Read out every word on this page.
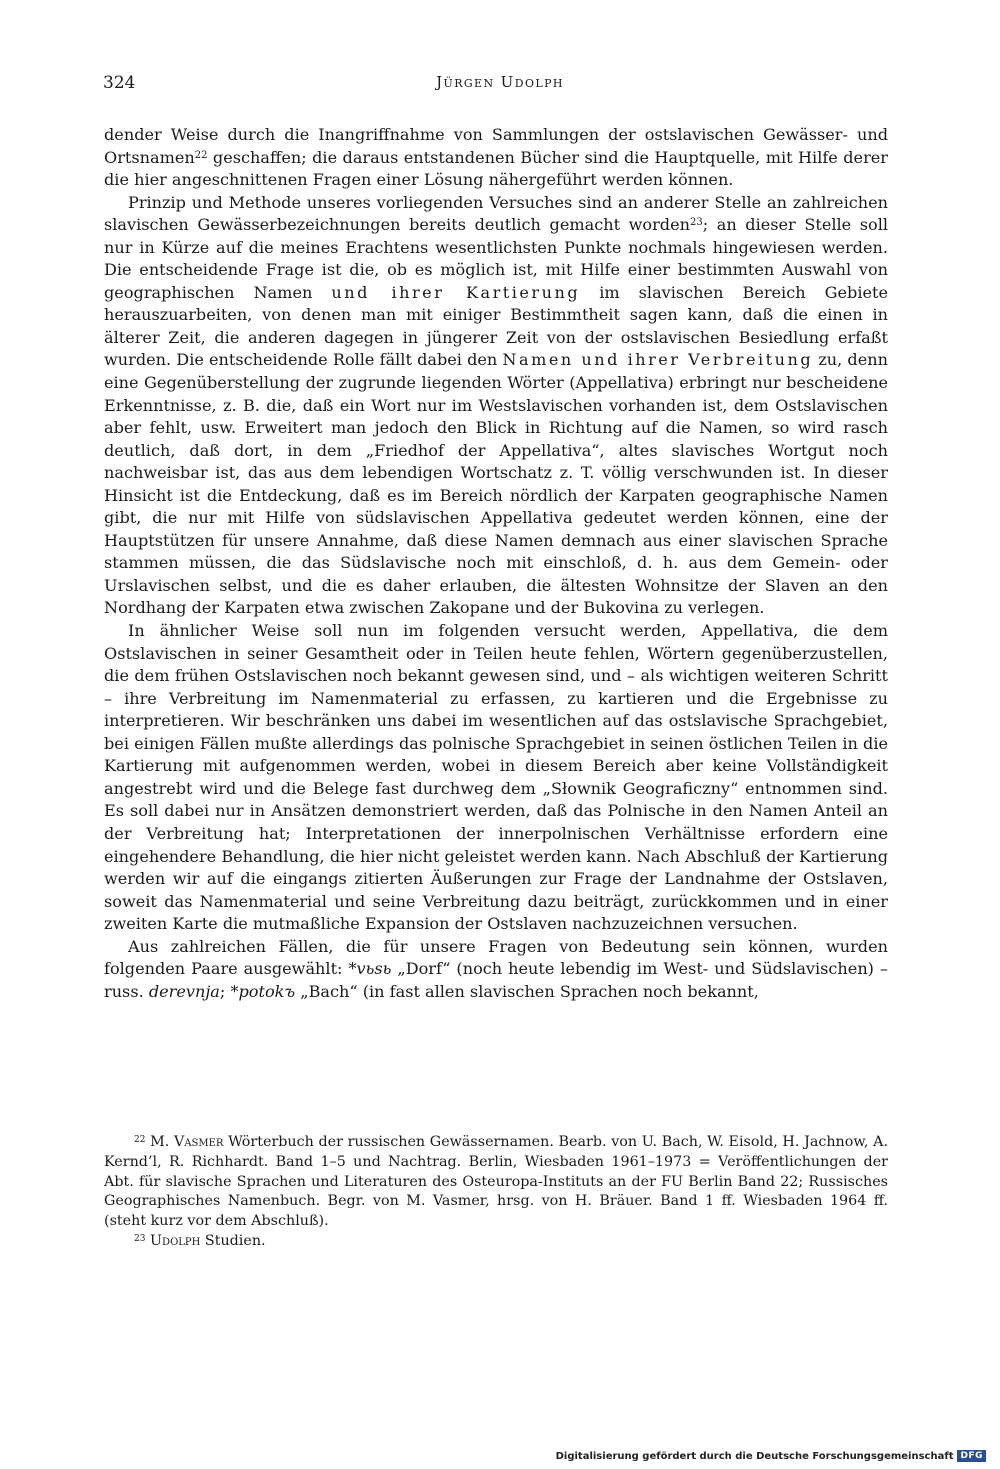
324	Jürgen Udolph

dender Weise durch die Inangriffnahme von Sammlungen der ostslavischen Gewässer- und Ortsnamen$^{22}$ geschaffen; die daraus entstandenen Bücher sind die Hauptquelle, mit Hilfe derer die hier angeschnittenen Fragen einer Lösung nähergeführt werden können.

Prinzip und Methode unseres vorliegenden Versuches sind an anderer Stelle an zahlreichen slavischen Gewässerbezeichnungen bereits deutlich gemacht worden$^{23}$; an dieser Stelle soll nur in Kürze auf die meines Erachtens wesentlichsten Punkte nochmals hingewiesen werden. Die entscheidende Frage ist die, ob es möglich ist, mit Hilfe einer bestimmten Auswahl von geographischen Namen und ihrer Kartierung im slavischen Bereich Gebiete herauszuarbeiten, von denen man mit einiger Bestimmtheit sagen kann, daß die einen in älterer Zeit, die anderen dagegen in jüngerer Zeit von der ostslavischen Besiedlung erfaßt wurden. Die entscheidende Rolle fällt dabei den Namen und ihrer Verbreitung zu, denn eine Gegenüberstellung der zugrunde liegenden Wörter (Appellativa) erbringt nur bescheidene Erkenntnisse, z. B. die, daß ein Wort nur im Westslavischen vorhanden ist, dem Ostslavischen aber fehlt, usw. Erweitert man jedoch den Blick in Richtung auf die Namen, so wird rasch deutlich, daß dort, in dem „Friedhof der Appellativa“, altes slavisches Wortgut noch nachweisbar ist, das aus dem lebendigen Wortschatz z. T. völlig verschwunden ist. In dieser Hinsicht ist die Entdeckung, daß es im Bereich nördlich der Karpaten geographische Namen gibt, die nur mit Hilfe von südslavischen Appellativa gedeutet werden können, eine der Hauptstützen für unsere Annahme, daß diese Namen demnach aus einer slavischen Sprache stammen müssen, die das Südslavische noch mit einschloß, d. h. aus dem Gemein- oder Urslavischen selbst, und die es daher erlauben, die ältesten Wohnsitze der Slaven an den Nordhang der Karpaten etwa zwischen Zakopane und der Bukovina zu verlegen.

In ähnlicher Weise soll nun im folgenden versucht werden, Appellativa, die dem Ostslavischen in seiner Gesamtheit oder in Teilen heute fehlen, Wörtern gegenüberzustellen, die dem frühen Ostslavischen noch bekannt gewesen sind, und – als wichtigen weiteren Schritt – ihre Verbreitung im Namenmaterial zu erfassen, zu kartieren und die Ergebnisse zu interpretieren. Wir beschränken uns dabei im wesentlichen auf das ostslavische Sprachgebiet, bei einigen Fällen mußte allerdings das polnische Sprachgebiet in seinen östlichen Teilen in die Kartierung mit aufgenommen werden, wobei in diesem Bereich aber keine Vollständigkeit angestrebt wird und die Belege fast durchweg dem „Słownik Geograficzny“ entnommen sind. Es soll dabei nur in Ansätzen demonstriert werden, daß das Polnische in den Namen Anteil an der Verbreitung hat; Interpretationen der innerpolnischen Verhältnisse erfordern eine eingehendere Behandlung, die hier nicht geleistet werden kann. Nach Abschluß der Kartierung werden wir auf die eingangs zitierten Äußerungen zur Frage der Landnahme der Ostslaven, soweit das Namenmaterial und seine Verbreitung dazu beiträgt, zurückkommen und in einer zweiten Karte die mutmaßliche Expansion der Ostslaven nachzuzeichnen versuchen.

Aus zahlreichen Fällen, die für unsere Fragen von Bedeutung sein können, wurden folgenden Paare ausgewählt: *vьsь „Dorf“ (noch heute lebendig im West- und Südslavischen) – russ. derevnja; *potokъ „Bach“ (in fast allen slavischen Sprachen noch bekannt,

$^{22}$ M. Vasmer Wörterbuch der russischen Gewässernamen. Bearb. von U. Bach, W. Eisold, H. Jachnow, A. Kernd’l, R. Richhardt. Band 1–5 und Nachtrag. Berlin, Wiesbaden 1961–1973 = Veröffentlichungen der Abt. für slavische Sprachen und Literaturen des Osteuropa-Instituts an der FU Berlin Band 22; Russisches Geographisches Namenbuch. Begr. von M. Vasmer, hrsg. von H. Bräuer. Band 1 ff. Wiesbaden 1964 ff. (steht kurz vor dem Abschluß).

$^{23}$ Udolph Studien.

Digitalisierung gefördert durch die Deutsche Forschungsgemeinschaft DFG
